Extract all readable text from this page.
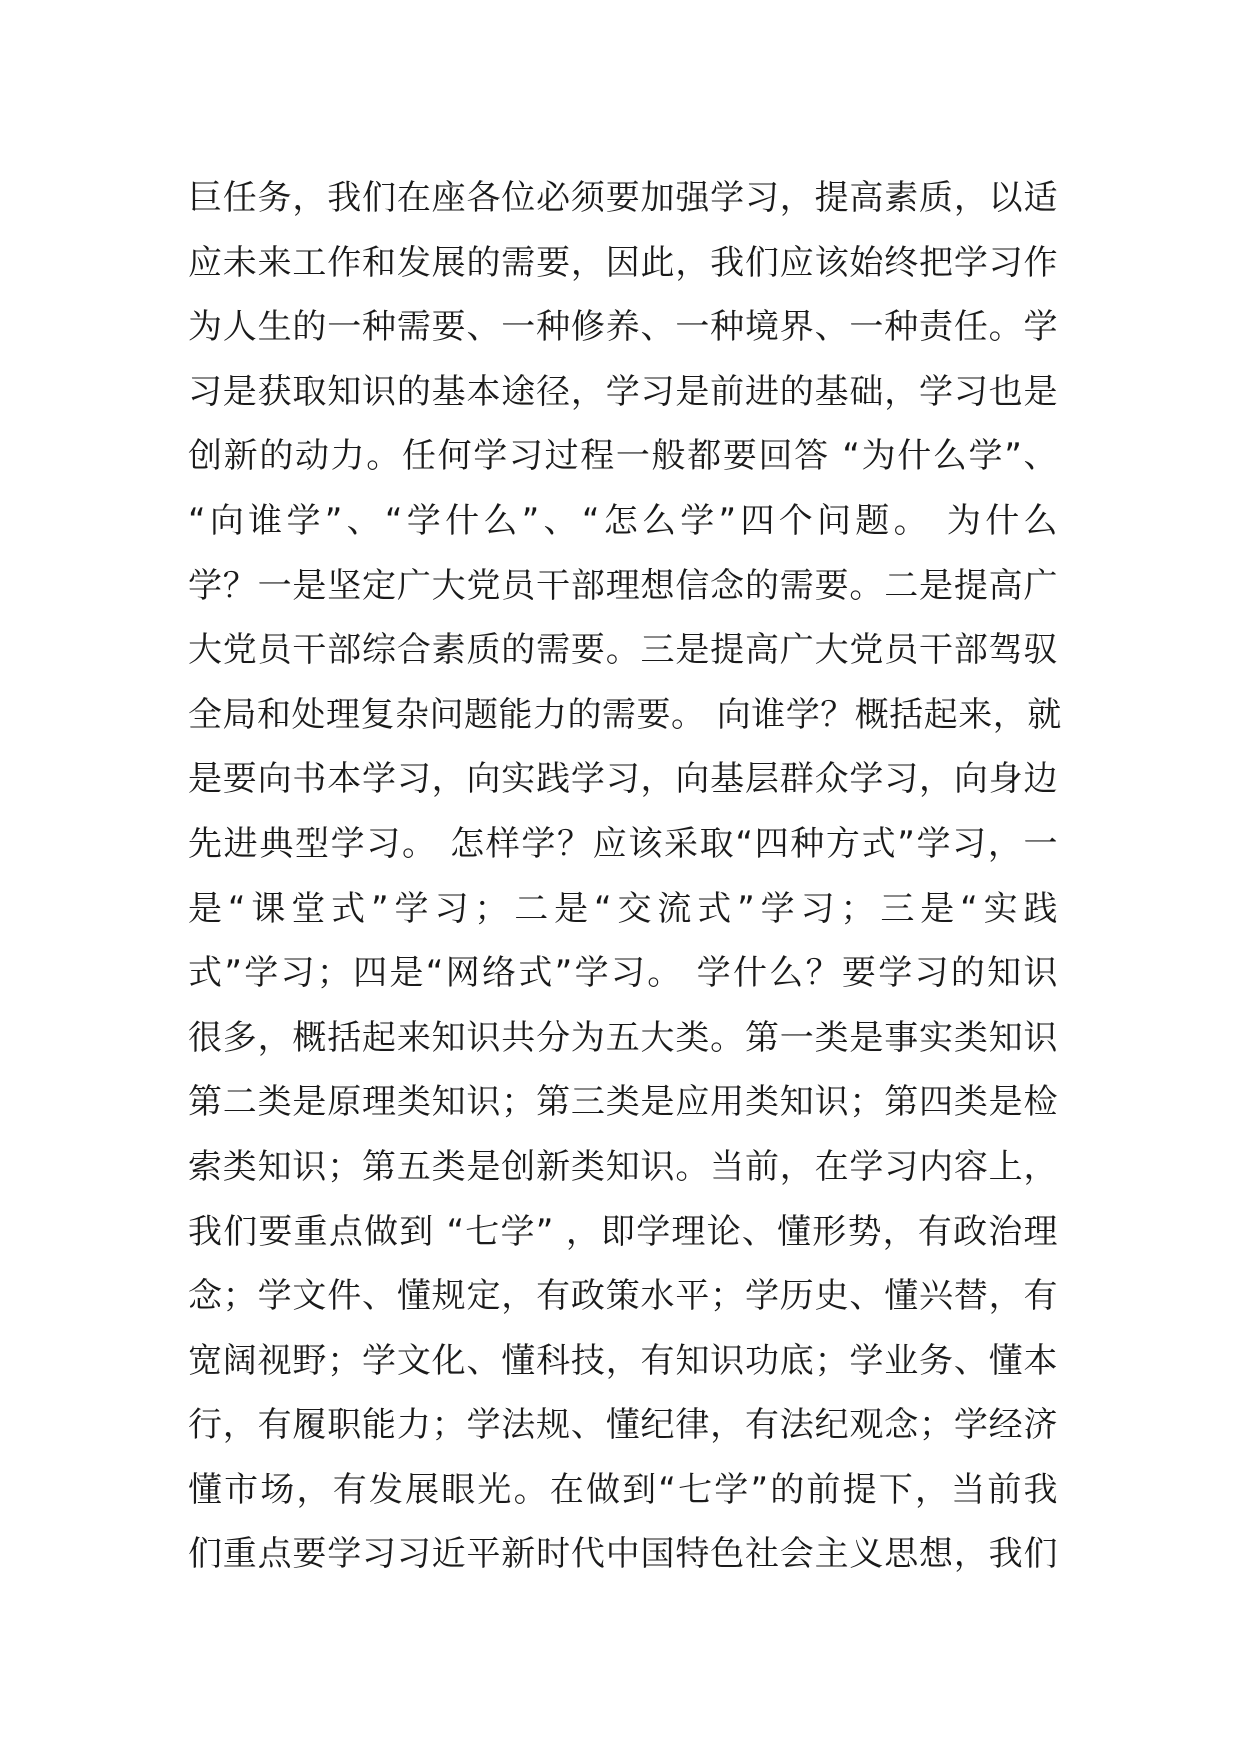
巨任务，我们在座各位必须要加强学习，提高素质，以适
应未来工作和发展的需要，因此，我们应该始终把学习作
为人生的一种需要、一种修养、一种境界、一种责任。学
习是获取知识的基本途径，学习是前进的基础，学习也是
创新的动力。任何学习过程一般都要回答 “为什么学”、
“向谁学”、“学什么”、“怎么学”四个问题。 为什么
学？一是坚定广大党员干部理想信念的需要。二是提高广
大党员干部综合素质的需要。三是提高广大党员干部驾驭
全局和处理复杂问题能力的需要。 向谁学？概括起来，就
是要向书本学习，向实践学习，向基层群众学习，向身边
先进典型学习。 怎样学？应该采取“四种方式”学习，一
是“课堂式”学习；二是“交流式”学习；三是“实践
式”学习；四是“网络式”学习。 学什么？要学习的知识
很多，概括起来知识共分为五大类。第一类是事实类知识
第二类是原理类知识；第三类是应用类知识；第四类是检
索类知识；第五类是创新类知识。当前，在学习内容上，
我们要重点做到 “七学” ，即学理论、懂形势，有政治理
念；学文件、懂规定，有政策水平；学历史、懂兴替，有
宽阔视野；学文化、懂科技，有知识功底；学业务、懂本
行，有履职能力；学法规、懂纪律，有法纪观念；学经济
懂市场，有发展眼光。在做到“七学”的前提下，当前我
们重点要学习习近平新时代中国特色社会主义思想，我们
